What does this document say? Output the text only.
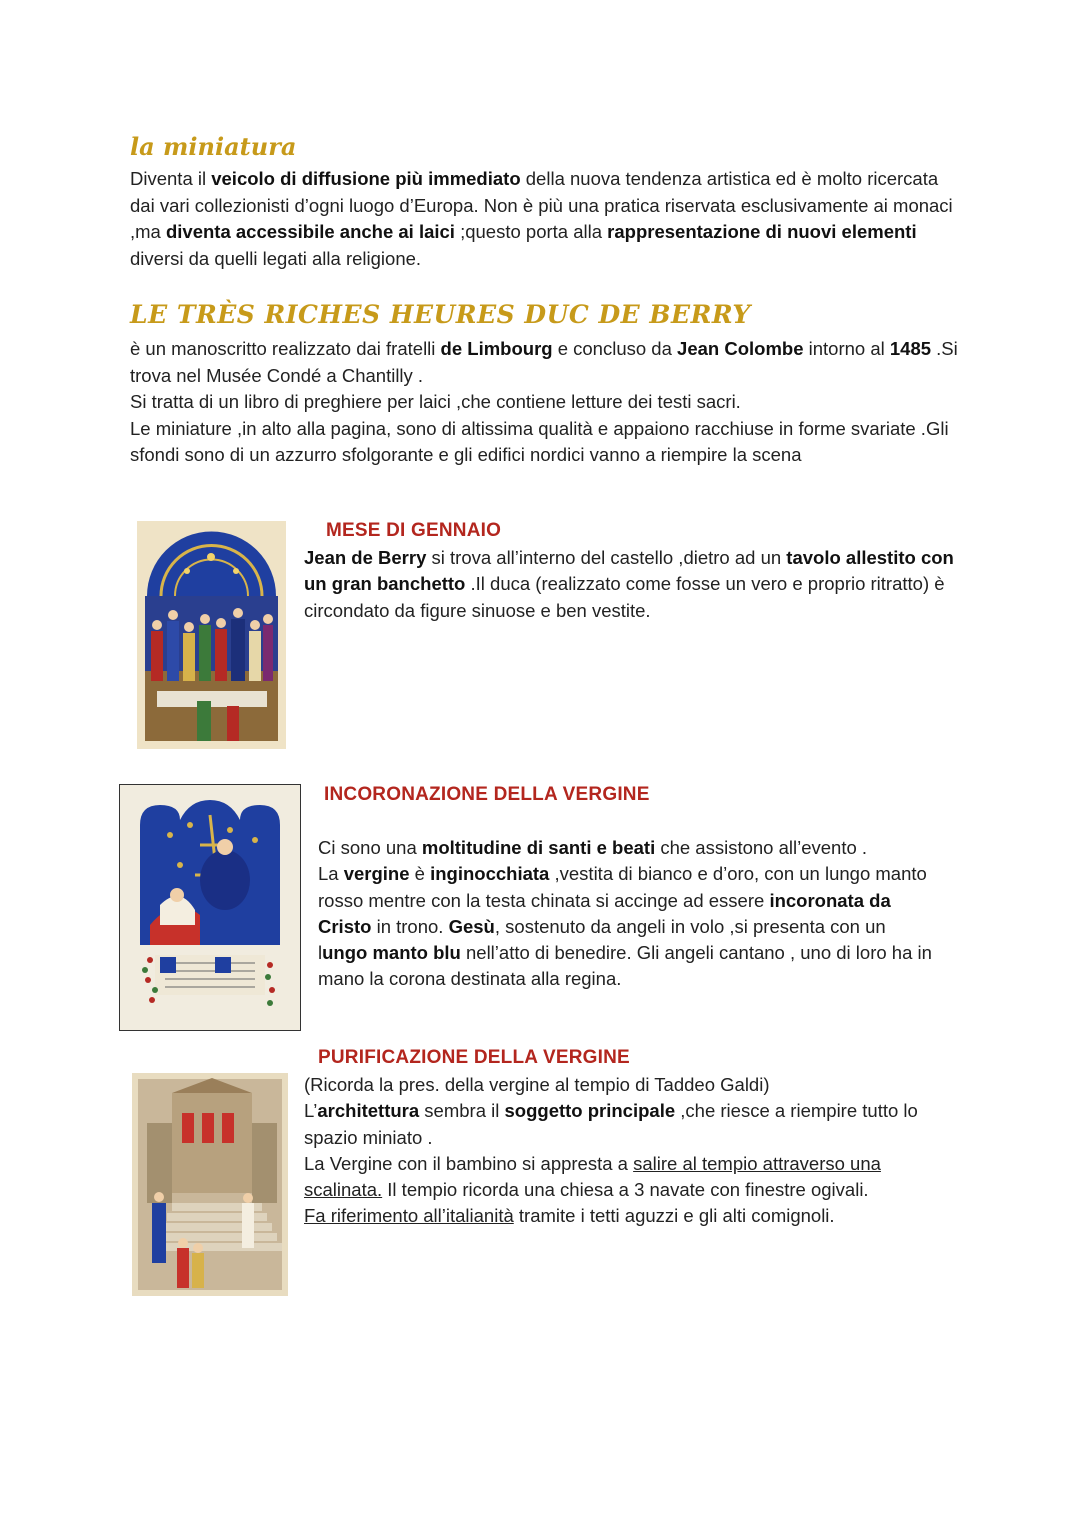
la miniatura
Diventa il veicolo di diffusione più immediato della nuova tendenza artistica ed è molto ricercata dai vari collezionisti d’ogni luogo d’Europa. Non è più una pratica riservata esclusivamente ai monaci ,ma diventa accessibile anche ai laici ;questo porta alla rappresentazione di nuovi elementi diversi da quelli legati alla religione.
LE TRÈS RICHES HEURES DUC DE BERRY
è un manoscritto realizzato dai fratelli de Limbourg e concluso da Jean Colombe intorno al 1485 .Si trova nel Musée Condé a Chantilly .
Si tratta di un libro di preghiere per laici ,che contiene letture dei testi sacri.
Le miniature ,in alto alla pagina, sono di altissima qualità e appaiono racchiuse in forme svariate .Gli sfondi sono di un azzurro sfolgorante e gli edifici nordici vanno a riempire la scena
MESE DI GENNAIO
Jean de Berry si trova all’interno del castello ,dietro ad un tavolo allestito con un gran banchetto .Il duca (realizzato come fosse un vero e proprio ritratto) è circondato da figure sinuose e ben vestite.
INCORONAZIONE DELLA VERGINE
Ci sono una moltitudine di santi e beati che assistono all’evento .
La vergine è inginocchiata ,vestita di bianco e d’oro, con un lungo manto rosso mentre con la testa chinata si accinge ad essere incoronata da Cristo in trono. Gesù, sostenuto da angeli in volo ,si presenta con un lungo manto blu nell’atto di benedire. Gli angeli cantano , uno di loro ha in mano la corona destinata alla regina.
PURIFICAZIONE DELLA VERGINE
(Ricorda la pres. della vergine al tempio di Taddeo Galdi)
L’architettura sembra il soggetto principale ,che riesce a riempire tutto lo spazio miniato .
La Vergine con il bambino si appresta a salire al tempio attraverso una scalinata. Il tempio ricorda una chiesa a 3 navate con finestre ogivali.
Fa riferimento all’italianità tramite i tetti aguzzi e gli alti comignoli.
